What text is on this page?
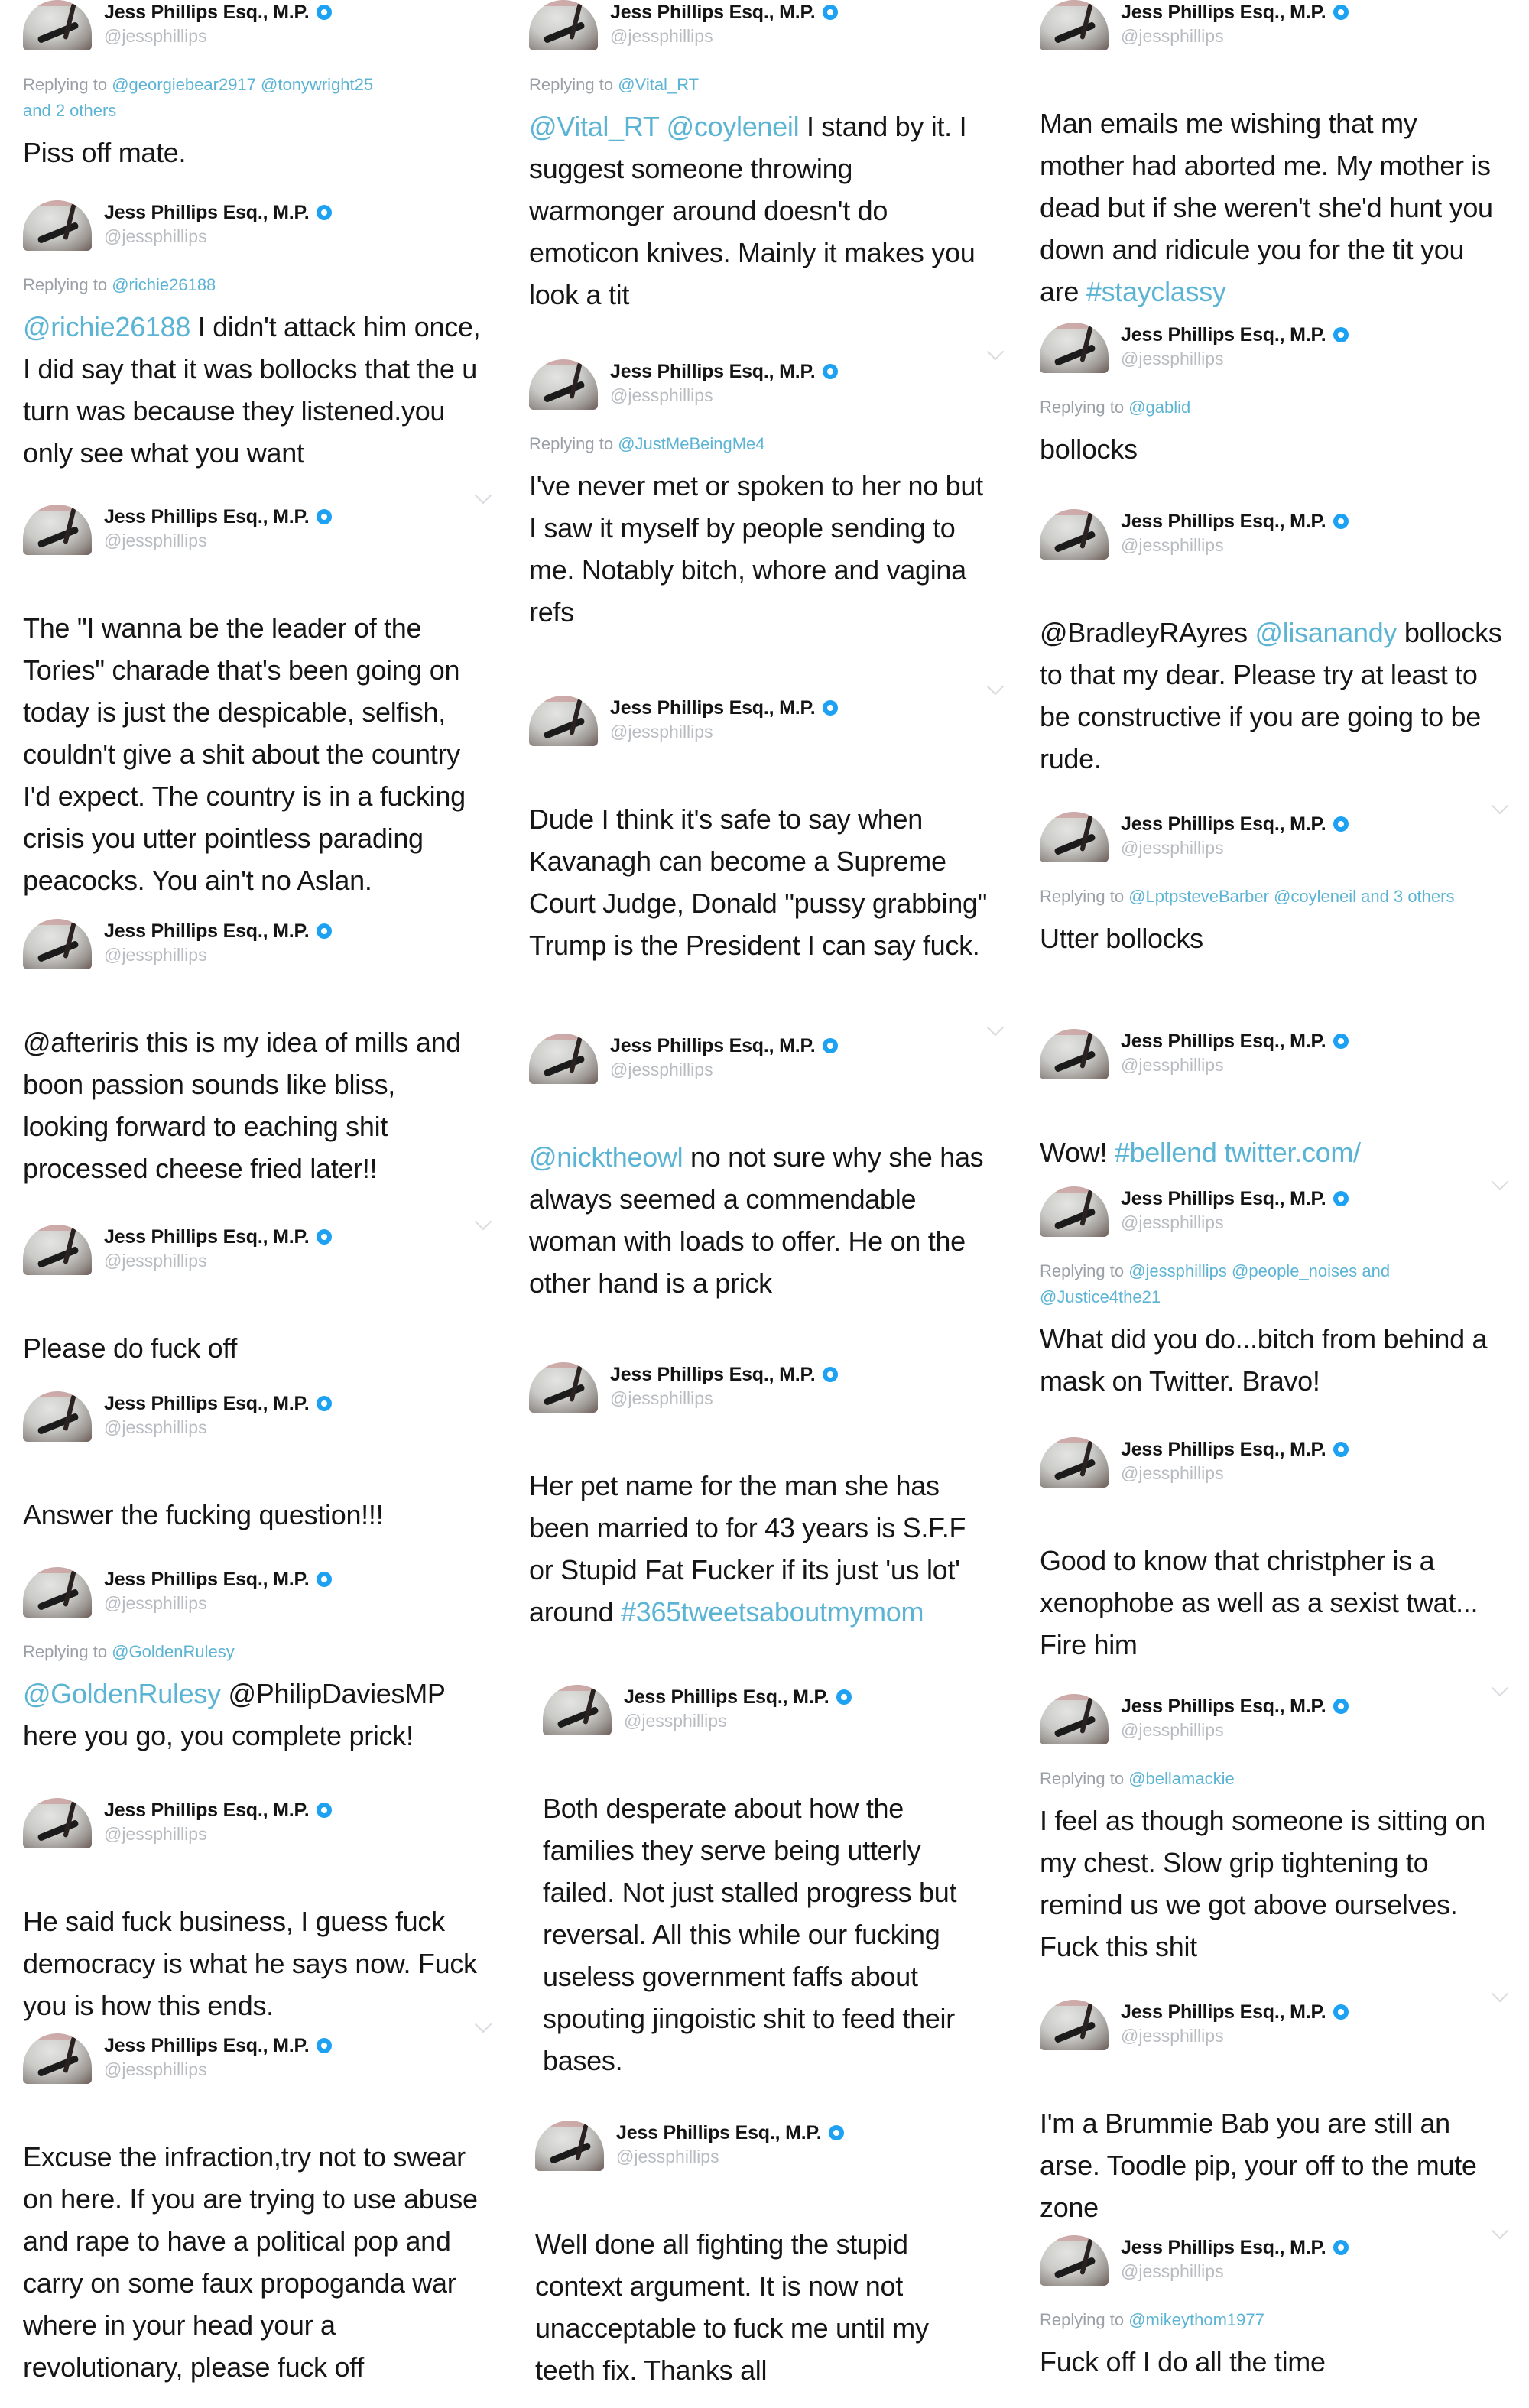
Jess Phillips Esq., M.P.
@jessphillips
Replying to @georgiebear2917 @tonywright25
and 2 others
Piss off mate.
Jess Phillips Esq., M.P.
@jessphillips
Replying to @richie26188
@richie26188 I didn't attack him once, I did say that it was bollocks that the u turn was because they listened.you only see what you want
Jess Phillips Esq., M.P.
@jessphillips
The "I wanna be the leader of the Tories" charade that's been going on today is just the despicable, selfish, couldn't give a shit about the country I'd expect. The country is in a fucking crisis you utter pointless parading peacocks. You ain't no Aslan.
Jess Phillips Esq., M.P.
@jessphillips
@afteriris this is my idea of mills and boon passion sounds like bliss, looking forward to eaching shit processed cheese fried later!!
Jess Phillips Esq., M.P.
@jessphillips
Please do fuck off
Jess Phillips Esq., M.P.
@jessphillips
Answer the fucking question!!!
Jess Phillips Esq., M.P.
@jessphillips
Replying to @GoldenRulesy
@GoldenRulesy @PhilipDaviesMP here you go, you complete prick!
Jess Phillips Esq., M.P.
@jessphillips
He said fuck business, I guess fuck democracy is what he says now. Fuck you is how this ends.
Jess Phillips Esq., M.P.
@jessphillips
Excuse the infraction,try not to swear on here. If you are trying to use abuse and rape to have a political pop and carry on some faux propoganda war where in your head your a revolutionary, please fuck off
Jess Phillips Esq., M.P.
@jessphillips
Replying to @Vital_RT
@Vital_RT @coyleneil I stand by it. I suggest someone throwing warmonger around doesn't do emoticon knives. Mainly it makes you look a tit
Jess Phillips Esq., M.P.
@jessphillips
Replying to @JustMeBeingMe4
I've never met or spoken to her no but I saw it myself by people sending to me. Notably bitch, whore and vagina refs
Jess Phillips Esq., M.P.
@jessphillips
Dude I think it's safe to say when Kavanagh can become a Supreme Court Judge, Donald "pussy grabbing" Trump is the President I can say fuck.
Jess Phillips Esq., M.P.
@jessphillips
@nicktheowl no not sure why she has always seemed a commendable woman with loads to offer. He on the other hand is a prick
Jess Phillips Esq., M.P.
@jessphillips
Her pet name for the man she has been married to for 43 years is S.F.F or Stupid Fat Fucker if its just 'us lot' around #365tweetsaboutmymom
Jess Phillips Esq., M.P.
@jessphillips
Both desperate about how the families they serve being utterly failed. Not just stalled progress but reversal. All this while our fucking useless government faffs about spouting jingoistic shit to feed their bases.
Jess Phillips Esq., M.P.
@jessphillips
Well done all fighting the stupid context argument. It is now not unacceptable to fuck me until my teeth fix. Thanks all
Jess Phillips Esq., M.P.
@jessphillips
Man emails me wishing that my mother had aborted me. My mother is dead but if she weren't she'd hunt you down and ridicule you for the tit you are #stayclassy
Jess Phillips Esq., M.P.
@jessphillips
Replying to @gablid
bollocks
Jess Phillips Esq., M.P.
@jessphillips
@BradleyRAyres @lisanandy bollocks to that my dear. Please try at least to be constructive if you are going to be rude.
Jess Phillips Esq., M.P.
@jessphillips
Replying to @LptpsteveBarber @coyleneil and 3 others
Utter bollocks
Jess Phillips Esq., M.P.
@jessphillips
Wow! #bellend twitter.com/
Jess Phillips Esq., M.P.
@jessphillips
Replying to @jessphillips @people_noises and @Justice4the21
What did you do...bitch from behind a mask on Twitter. Bravo!
Jess Phillips Esq., M.P.
@jessphillips
Good to know that christpher is a xenophobe as well as a sexist twat... Fire him
Jess Phillips Esq., M.P.
@jessphillips
Replying to @bellamackie
I feel as though someone is sitting on my chest. Slow grip tightening to remind us we got above ourselves. Fuck this shit
Jess Phillips Esq., M.P.
@jessphillips
I'm a Brummie Bab you are still an arse. Toodle pip, your off to the mute zone
Jess Phillips Esq., M.P.
@jessphillips
Replying to @mikeythom1977
Fuck off I do all the time
